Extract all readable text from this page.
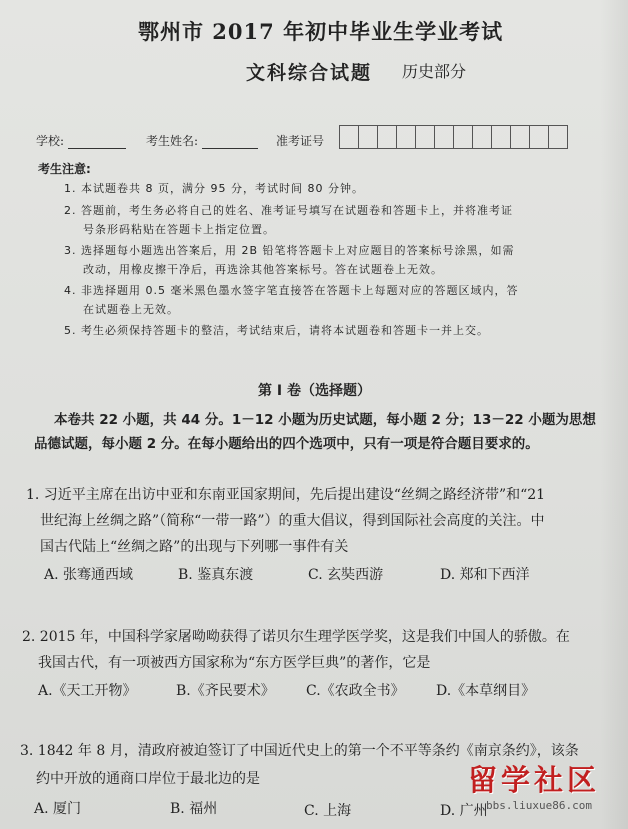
鄂州市 2017 年初中毕业生学业考试
文科综合试题 历史部分
学校:	考生姓名:	准考证号
考生注意:
1. 本试题卷共 8 页，满分 95 分，考试时间 80 分钟。
2. 答题前，考生务必将自己的姓名、准考证号填写在试题卷和答题卡上，并将准考证
号条形码粘贴在答题卡上指定位置。
3. 选择题每小题选出答案后，用 2B 铅笔将答题卡上对应题目的答案标号涂黑，如需
改动，用橡皮擦干净后，再选涂其他答案标号。答在试题卷上无效。
4. 非选择题用 0.5 毫米黑色墨水签字笔直接答在答题卡上每题对应的答题区域内，答
在试题卷上无效。
5. 考生必须保持答题卡的整洁，考试结束后，请将本试题卷和答题卡一并上交。
第 I 卷（选择题）
本卷共 22 小题，共 44 分。1－12 小题为历史试题，每小题 2 分；13－22 小题为思想
品德试题，每小题 2 分。在每小题给出的四个选项中，只有一项是符合题目要求的。
1. 习近平主席在出访中亚和东南亚国家期间，先后提出建设“丝绸之路经济带”和“21
世纪海上丝绸之路”（简称“一带一路”）的重大倡议，得到国际社会高度的关注。中
国古代陆上“丝绸之路”的出现与下列哪一事件有关
A. 张骞通西域	B. 鉴真东渡	C. 玄奘西游	D. 郑和下西洋
2. 2015 年，中国科学家屠呦呦获得了诺贝尔生理学医学奖，这是我们中国人的骄傲。在
我国古代，有一项被西方国家称为“东方医学巨典”的著作，它是
A.《天工开物》	B.《齐民要术》 C.《农政全书》 D.《本草纲目》
3. 1842 年 8 月，清政府被迫签订了中国近代史上的第一个不平等条约《南京条约》，该条
约中开放的通商口岸位于最北边的是
A. 厦门	B. 福州	C. 上海	D. 广州
留学社区
bbs.liuxue86.com
